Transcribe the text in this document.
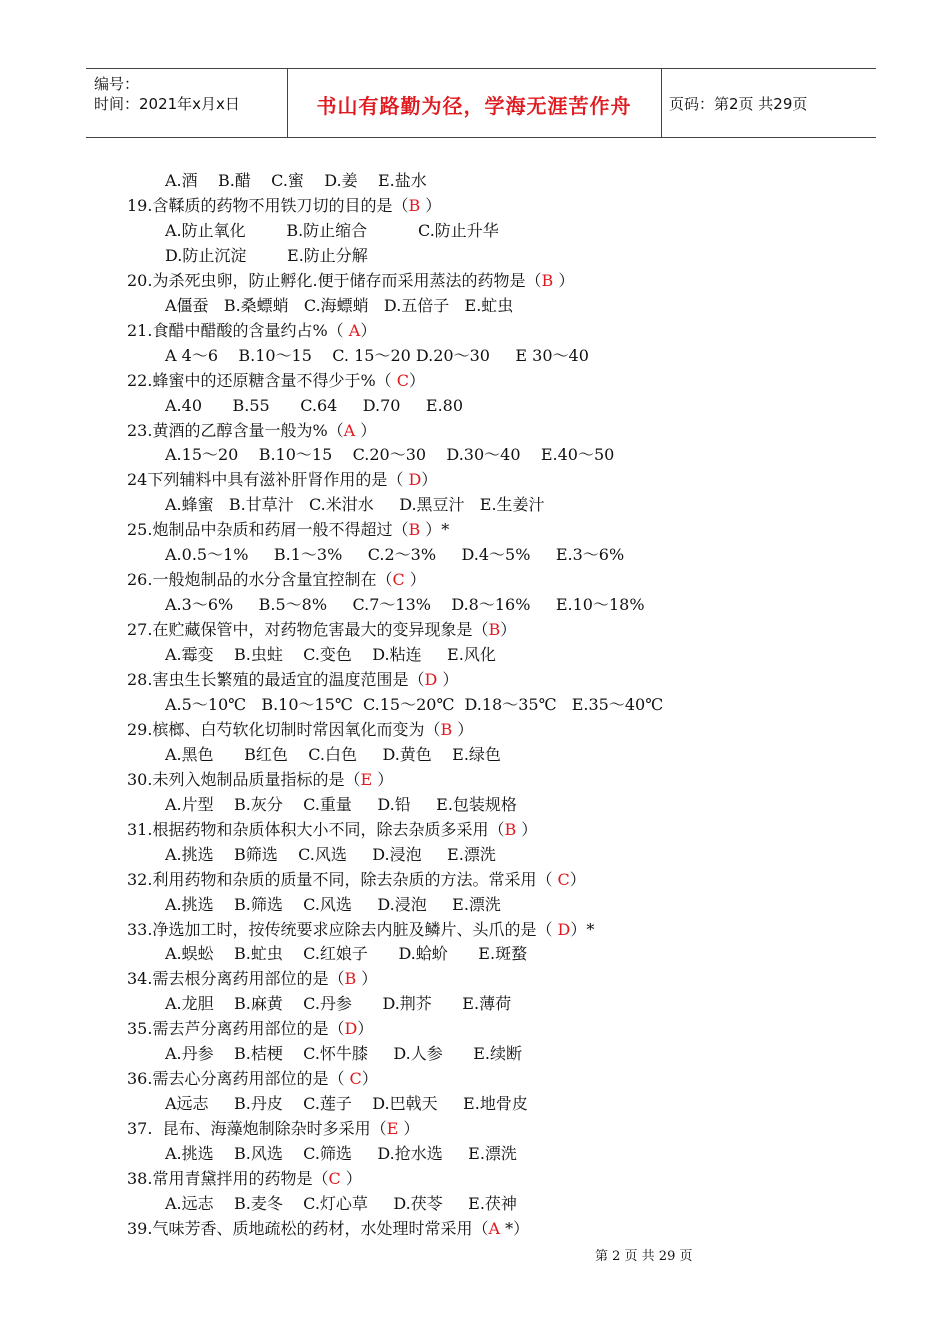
编号：
时间：2021年x月x日	书山有路勤为径，学海无涯苦作舟	页码：第2页 共29页
A.酒    B.醋    C.蜜    D.姜    E.盐水
19.含鞣质的药物不用铁刀切的目的是（B ）
A.防止氧化        B.防止缩合          C.防止升华
D.防止沉淀        E.防止分解
20.为杀死虫卵，防止孵化.便于储存而采用蒸法的药物是（B ）
A僵蚕   B.桑螵蛸   C.海螵蛸   D.五倍子   E.虻虫
21.食醋中醋酸的含量约占%（ A）
A 4～6    B.10～15    C. 15～20 D.20～30     E 30～40
22.蜂蜜中的还原糖含量不得少于%（ C）
A.40      B.55      C.64     D.70     E.80
23.黄酒的乙醇含量一般为%（A ）
A.15～20    B.10～15    C.20～30    D.30～40    E.40～50
24下列辅料中具有滋补肝肾作用的是（ D）
A.蜂蜜   B.甘草汁   C.米泔水     D.黑豆汁   E.生姜汁
25.炮制品中杂质和药屑一般不得超过（B ）*
A.0.5～1%     B.1～3%     C.2～3%     D.4～5%     E.3～6%
26.一般炮制品的水分含量宜控制在（C ）
A.3～6%     B.5～8%     C.7～13%    D.8～16%     E.10～18%
27.在贮藏保管中，对药物危害最大的变异现象是（B）
A.霉变    B.虫蛀    C.变色    D.粘连     E.风化
28.害虫生长繁殖的最适宜的温度范围是（D ）
A.5～10℃   B.10～15℃  C.15～20℃  D.18～35℃   E.35～40℃
29.槟榔、白芍软化切制时常因氧化而变为（B ）
A.黑色      B红色    C.白色     D.黄色    E.绿色
30.未列入炮制品质量指标的是（E ）
A.片型    B.灰分    C.重量     D.铅     E.包装规格
31.根据药物和杂质体积大小不同，除去杂质多采用（B ）
A.挑选    B筛选    C.风选     D.浸泡     E.漂洗
32.利用药物和杂质的质量不同，除去杂质的方法。常采用（ C）
A.挑选    B.筛选    C.风选     D.浸泡     E.漂洗
33.净选加工时，按传统要求应除去内脏及鳞片、头爪的是（ D）*
A.蜈蚣    B.虻虫    C.红娘子      D.蛤蚧      E.斑蝥
34.需去根分离药用部位的是（B ）
A.龙胆    B.麻黄    C.丹参      D.荆芥      E.薄荷
35.需去芦分离药用部位的是（D）
A.丹参    B.桔梗    C.怀牛膝     D.人参      E.续断
36.需去心分离药用部位的是（ C）
A远志     B.丹皮    C.莲子    D.巴戟天     E.地骨皮
37.  昆布、海藻炮制除杂时多采用（E ）
A.挑选    B.风选    C.筛选     D.抢水选     E.漂洗
38.常用青黛拌用的药物是（C ）
A.远志    B.麦冬    C.灯心草     D.茯苓     E.茯神
39.气味芳香、质地疏松的药材，水处理时常采用（A *）
第 2 页 共 29 页
